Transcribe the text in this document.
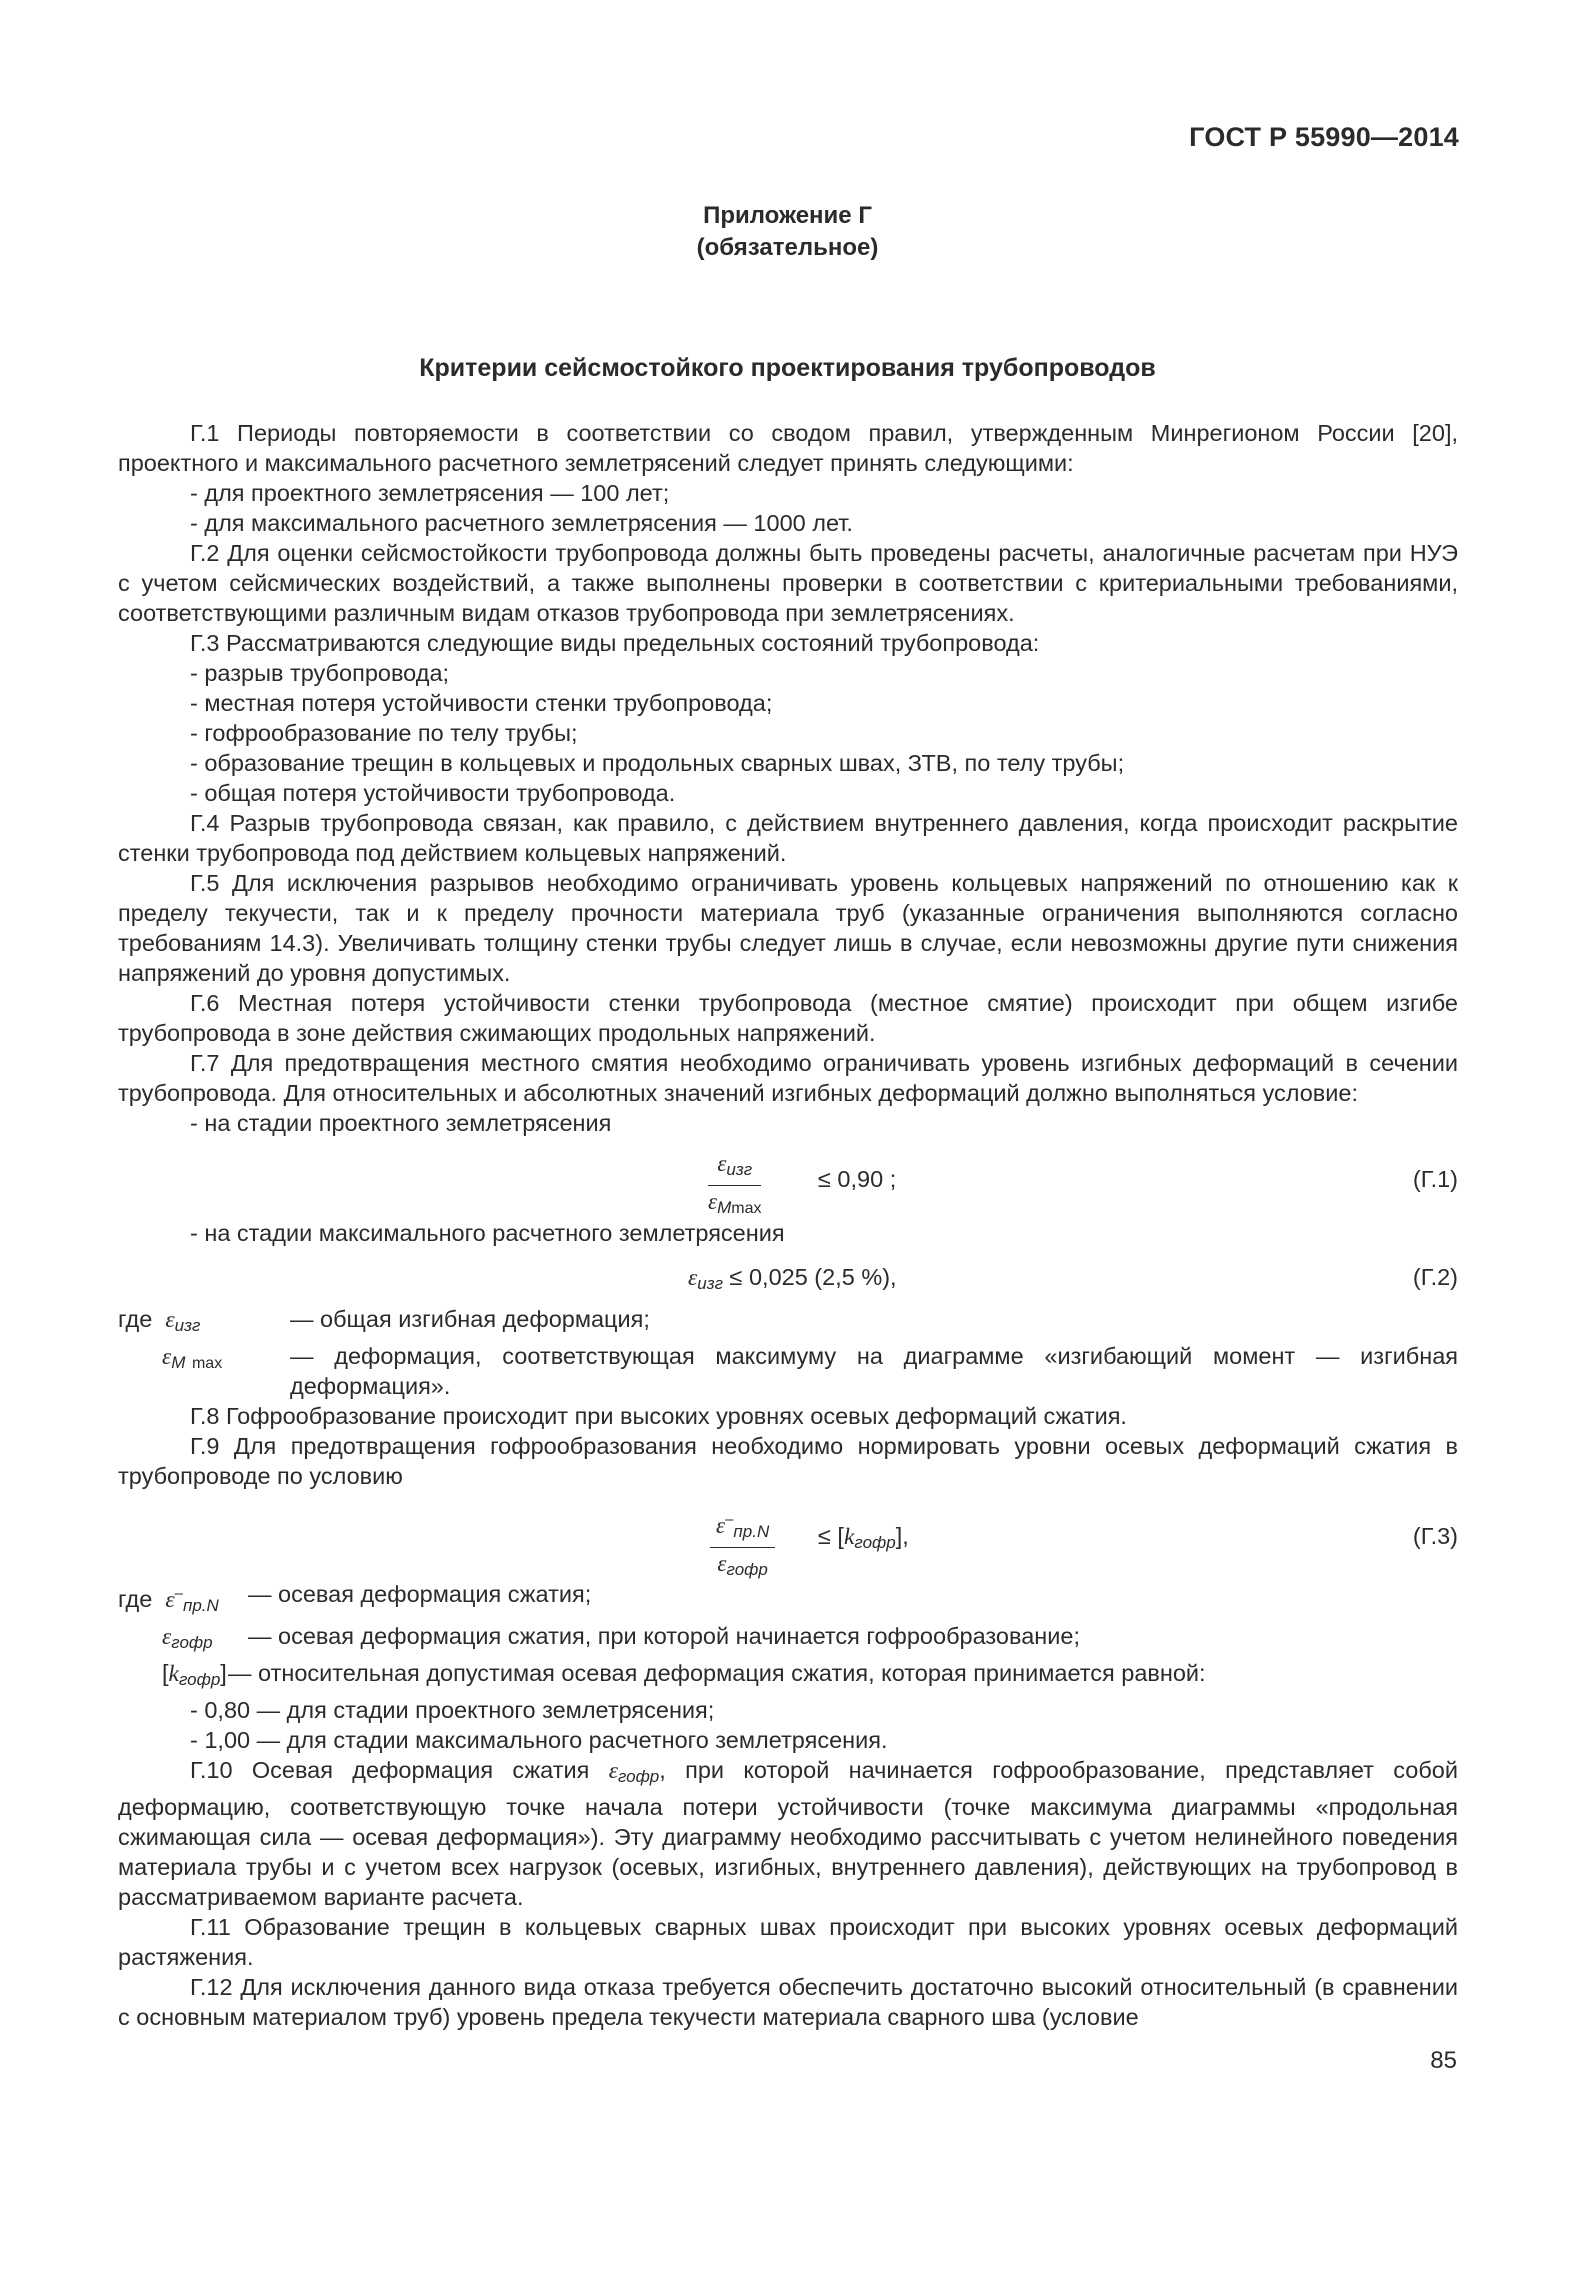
ГОСТ Р 55990—2014
Приложение Г
(обязательное)
Критерии сейсмостойкого проектирования трубопроводов

Г.1 Периоды повторяемости в соответствии со сводом правил, утвержденным Минрегионом России [20], проектного и максимального расчетного землетрясений следует принять следующими:

- для проектного землетрясения — 100 лет;

- для максимального расчетного землетрясения — 1000 лет.

Г.2 Для оценки сейсмостойкости трубопровода должны быть проведены расчеты, аналогичные расчетам при НУЭ с учетом сейсмических воздействий, а также выполнены проверки в соответствии с критериальными требованиями, соответствующими различным видам отказов трубопровода при землетрясениях.

Г.3 Рассматриваются следующие виды предельных состояний трубопровода:

- разрыв трубопровода;

- местная потеря устойчивости стенки трубопровода;

- гофрообразование по телу трубы;

- образование трещин в кольцевых и продольных сварных швах, ЗТВ, по телу трубы;

- общая потеря устойчивости трубопровода.

Г.4 Разрыв трубопровода связан, как правило, с действием внутреннего давления, когда происходит раскрытие стенки трубопровода под действием кольцевых напряжений.

Г.5 Для исключения разрывов необходимо ограничивать уровень кольцевых напряжений по отношению как к пределу текучести, так и к пределу прочности материала труб (указанные ограничения выполняются согласно требованиям 14.3). Увеличивать толщину стенки трубы следует лишь в случае, если невозможны другие пути снижения напряжений до уровня допустимых.

Г.6 Местная потеря устойчивости стенки трубопровода (местное смятие) происходит при общем изгибе трубопровода в зоне действия сжимающих продольных напряжений.

Г.7 Для предотвращения местного смятия необходимо ограничивать уровень изгибных деформаций в сечении трубопровода. Для относительных и абсолютных значений изгибных деформаций должно выполняться условие:

- на стадии проектного землетрясения

$\varepsilon_{изг}$
$\varepsilon_M\max$
≤ 0,90 ;	(Г.1)

- на стадии максимального расчетного землетрясения

$\varepsilon_{изг} \le 0,025$ (2,5 %),	(Г.2)
где $\varepsilon_{изг}$	— общая изгибная деформация;
$\varepsilon_M$ max	— деформация, соответствующая максимуму на диаграмме «изгибающий момент — изгибная деформация».

Г.8 Гофрообразование происходит при высоких уровнях осевых деформаций сжатия.

Г.9 Для предотвращения гофрообразования необходимо нормировать уровни осевых деформаций сжатия в трубопроводе по условию

$\varepsilon^-_{пр.N}$
$\varepsilon_{гофр}$
≤ $[k_{гофр}]$,	(Г.3)
где $\varepsilon^-_{пр.N}$	— осевая деформация сжатия;
$\varepsilon_{гофр}$	— осевая деформация сжатия, при которой начинается гофрообразование;
$[k_{гофр}]$ — относительная допустимая осевая деформация сжатия, которая принимается равной:

- 0,80 — для стадии проектного землетрясения;

- 1,00 — для стадии максимального расчетного землетрясения.

Г.10 Осевая деформация сжатия $\varepsilon_{гофр}$, при которой начинается гофрообразование, представляет собой деформацию, соответствующую точке начала потери устойчивости (точке максимума диаграммы «продольная сжимающая сила — осевая деформация»). Эту диаграмму необходимо рассчитывать с учетом нелинейного поведения материала трубы и с учетом всех нагрузок (осевых, изгибных, внутреннего давления), действующих на трубопровод в рассматриваемом варианте расчета.

Г.11 Образование трещин в кольцевых сварных швах происходит при высоких уровнях осевых деформаций растяжения.

Г.12 Для исключения данного вида отказа требуется обеспечить достаточно высокий относительный (в сравнении с основным материалом труб) уровень предела текучести материала сварного шва (условие

85
